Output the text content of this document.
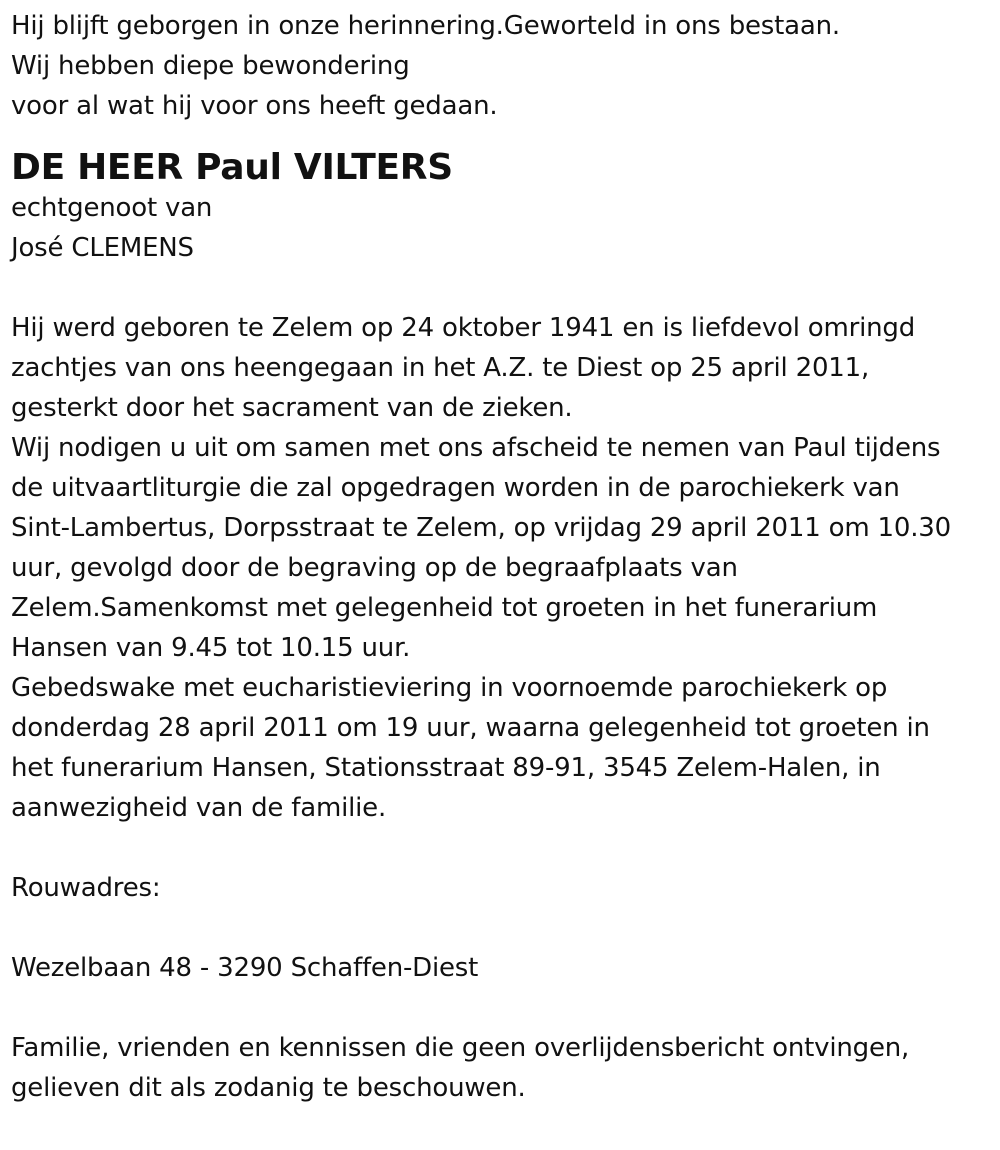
Hij blijft geborgen in onze herinnering.Geworteld in ons bestaan.
Wij hebben diepe bewondering
voor al wat hij voor ons heeft gedaan.
DE HEER Paul VILTERS
echtgenoot van
José CLEMENS
Hij werd geboren te Zelem op 24 oktober 1941 en is liefdevol omringd
zachtjes van ons heengegaan in het A.Z. te Diest op 25 april 2011,
gesterkt door het sacrament van de zieken.
Wij nodigen u uit om samen met ons afscheid te nemen van Paul tijdens
de uitvaartliturgie die zal opgedragen worden in de parochiekerk van
Sint-Lambertus, Dorpsstraat te Zelem, op vrijdag 29 april 2011 om 10.30
uur, gevolgd door de begraving op de begraafplaats van
Zelem.Samenkomst met gelegenheid tot groeten in het funerarium
Hansen van 9.45 tot 10.15 uur.
Gebedswake met eucharistieviering in voornoemde parochiekerk op
donderdag 28 april 2011 om 19 uur, waarna gelegenheid tot groeten in
het funerarium Hansen, Stationsstraat 89-91, 3545 Zelem-Halen, in
aanwezigheid van de familie.
Rouwadres:
Wezelbaan 48 - 3290 Schaffen-Diest
Familie, vrienden en kennissen die geen overlijdensbericht ontvingen,
gelieven dit als zodanig te beschouwen.
